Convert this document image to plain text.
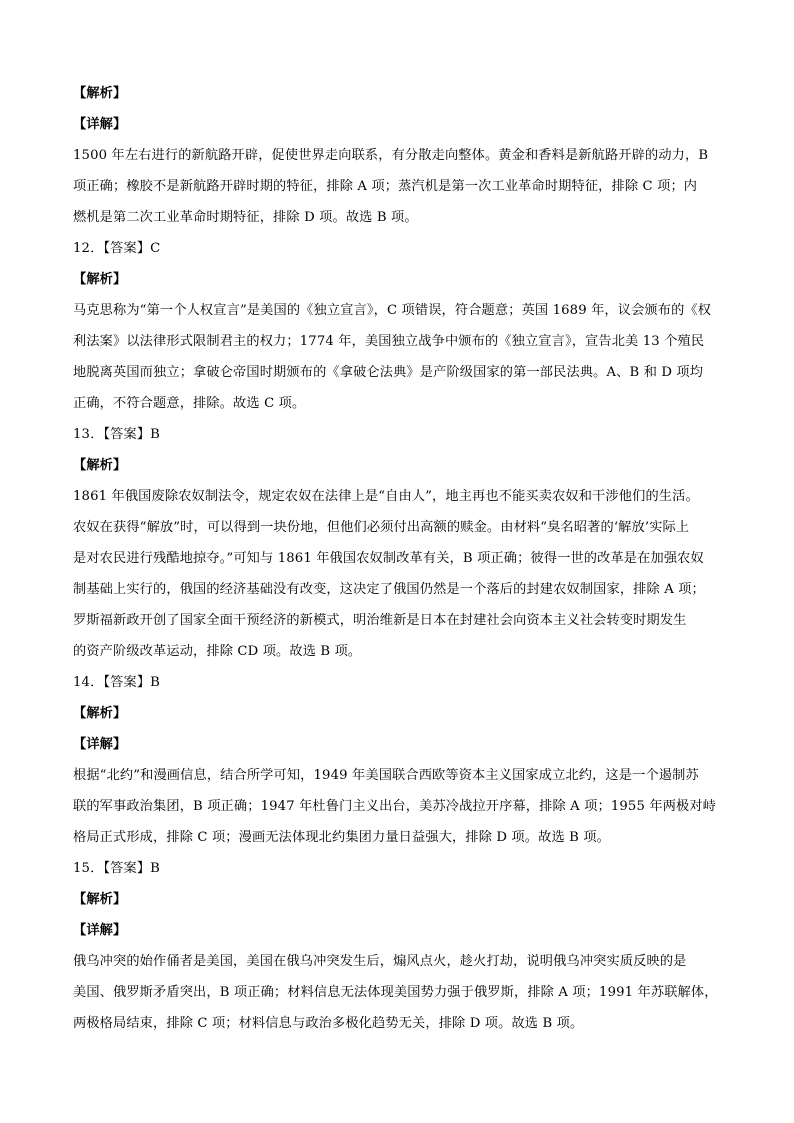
【解析】
【详解】
1500 年左右进行的新航路开辟，促使世界走向联系，有分散走向整体。黄金和香料是新航路开辟的动力，B
项正确；橡胶不是新航路开辟时期的特征，排除 A 项；蒸汽机是第一次工业革命时期特征，排除 C 项；内
燃机是第二次工业革命时期特征，排除 D 项。故选 B 项。
12．【答案】C
【解析】
马克思称为“第一个人权宣言”是美国的《独立宣言》，C 项错误，符合题意；英国 1689 年，议会颁布的《权
利法案》以法律形式限制君主的权力；1774 年，美国独立战争中颁布的《独立宣言》，宣告北美 13 个殖民
地脱离英国而独立；拿破仑帝国时期颁布的《拿破仑法典》是产阶级国家的第一部民法典。A、B 和 D 项均
正确，不符合题意，排除。故选 C 项。
13．【答案】B
【解析】
1861 年俄国废除农奴制法令，规定农奴在法律上是“自由人”，地主再也不能买卖农奴和干涉他们的生活。
农奴在获得“解放”时，可以得到一块份地，但他们必须付出高额的赎金。由材料“臭名昭著的‘解放’实际上
是对农民进行残酷地掠夺。”可知与 1861 年俄国农奴制改革有关，B 项正确；彼得一世的改革是在加强农奴
制基础上实行的，俄国的经济基础没有改变，这决定了俄国仍然是一个落后的封建农奴制国家，排除 A 项；
罗斯福新政开创了国家全面干预经济的新模式，明治维新是日本在封建社会向资本主义社会转变时期发生
的资产阶级改革运动，排除 CD 项。故选 B 项。
14．【答案】B
【解析】
【详解】
根据“北约”和漫画信息，结合所学可知，1949 年美国联合西欧等资本主义国家成立北约，这是一个遏制苏
联的军事政治集团，B 项正确；1947 年杜鲁门主义出台，美苏冷战拉开序幕，排除 A 项；1955 年两极对峙
格局正式形成，排除 C 项；漫画无法体现北约集团力量日益强大，排除 D 项。故选 B 项。
15．【答案】B
【解析】
【详解】
俄乌冲突的始作俑者是美国，美国在俄乌冲突发生后，煽风点火，趁火打劫，说明俄乌冲突实质反映的是
美国、俄罗斯矛盾突出，B 项正确；材料信息无法体现美国势力强于俄罗斯，排除 A 项；1991 年苏联解体，
两极格局结束，排除 C 项；材料信息与政治多极化趋势无关，排除 D 项。故选 B 项。
